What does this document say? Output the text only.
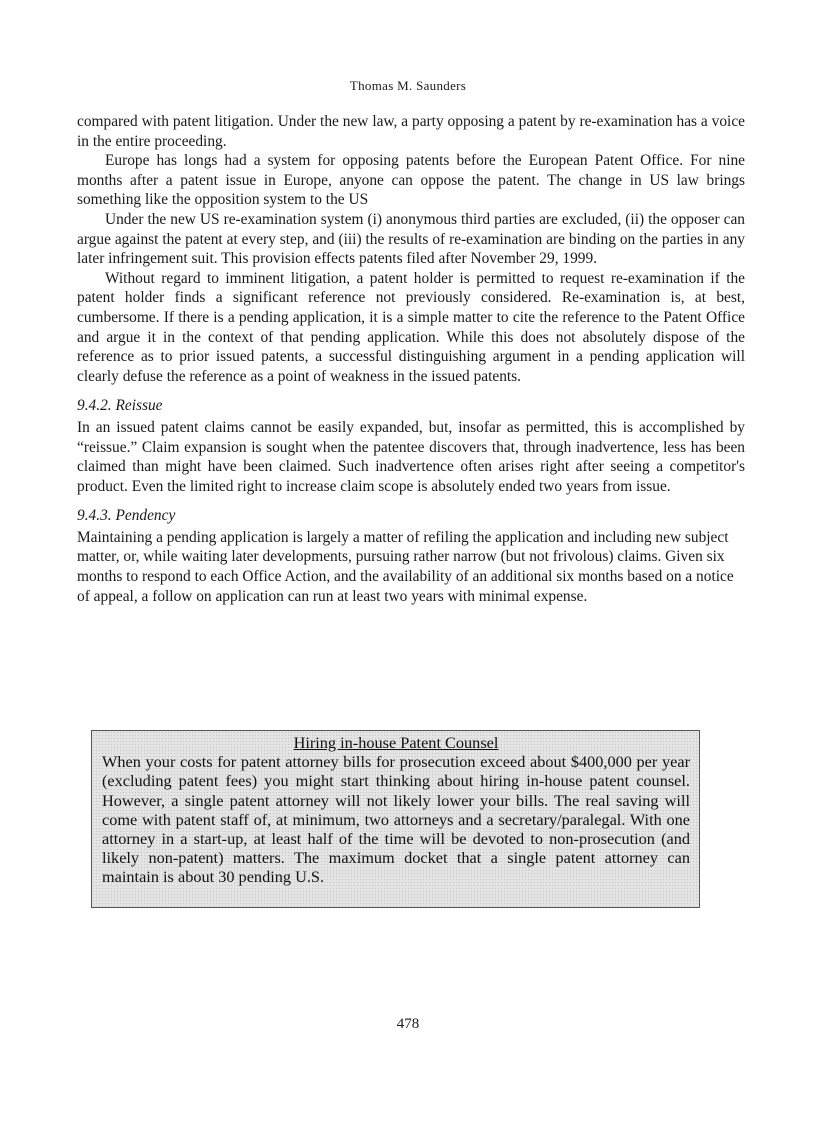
Thomas M. Saunders

compared with patent litigation. Under the new law, a party opposing a patent by re-examination has a voice in the entire proceeding.

Europe has longs had a system for opposing patents before the European Patent Office. For nine months after a patent issue in Europe, anyone can oppose the patent. The change in US law brings something like the opposition system to the US

Under the new US re-examination system (i) anonymous third parties are excluded, (ii) the opposer can argue against the patent at every step, and (iii) the results of re-examination are binding on the parties in any later infringement suit. This provision effects patents filed after November 29, 1999.

Without regard to imminent litigation, a patent holder is permitted to request re-examination if the patent holder finds a significant reference not previously considered. Re-examination is, at best, cumbersome. If there is a pending application, it is a simple matter to cite the reference to the Patent Office and argue it in the context of that pending application. While this does not absolutely dispose of the reference as to prior issued patents, a successful distinguishing argument in a pending application will clearly defuse the reference as a point of weakness in the issued patents.

9.4.2. Reissue

In an issued patent claims cannot be easily expanded, but, insofar as permitted, this is accomplished by “reissue.” Claim expansion is sought when the patentee discovers that, through inadvertence, less has been claimed than might have been claimed. Such inadvertence often arises right after seeing a competitor's product. Even the limited right to increase claim scope is absolutely ended two years from issue.

9.4.3. Pendency

Maintaining a pending application is largely a matter of refiling the application and including new subject matter, or, while waiting later developments, pursuing rather narrow (but not frivolous) claims. Given six months to respond to each Office Action, and the availability of an additional six months based on a notice of appeal, a follow on application can run at least two years with minimal expense.

Hiring in-house Patent Counsel

When your costs for patent attorney bills for prosecution exceed about $400,000 per year (excluding patent fees) you might start thinking about hiring in-house patent counsel. However, a single patent attorney will not likely lower your bills. The real saving will come with patent staff of, at minimum, two attorneys and a secretary/paralegal. With one attorney in a start-up, at least half of the time will be devoted to non-prosecution (and likely non-patent) matters. The maximum docket that a single patent attorney can maintain is about 30 pending U.S.

478
